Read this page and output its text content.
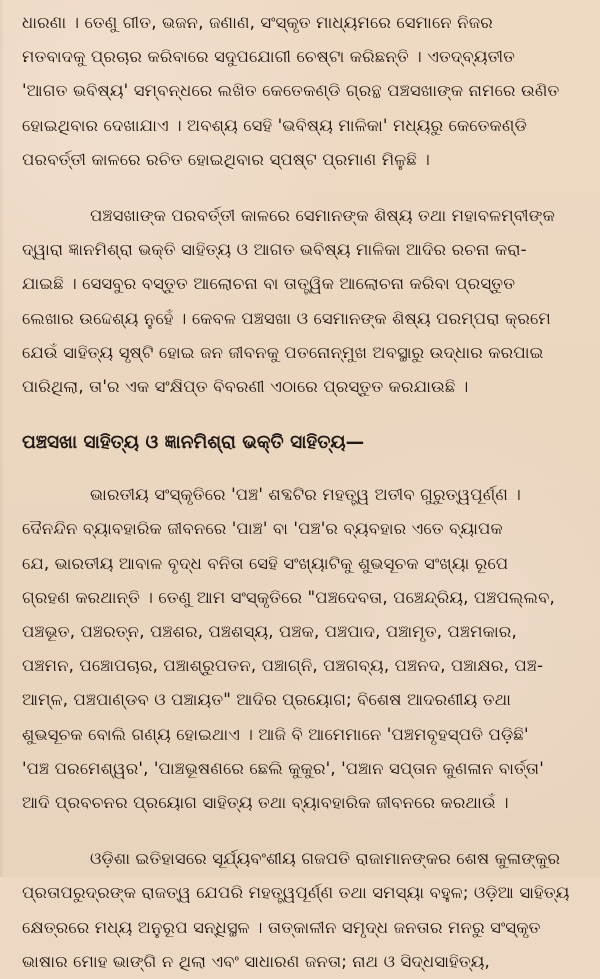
ଧାରଣା । ତେଣୁ ଗୀତ, ଭଜନ, ଜଣାଣ, ସଂସ୍କୃତ ମାଧ୍ୟମରେ ସେମାନେ ନିଜର
ମତବାଦକୁ ପ୍ରଚାର କରିବାରେ ସଦୁପଯୋଗୀ ଚେଷ୍ଟା କରିଛନ୍ତି । ଏତଦ୍‌ବ୍ୟତୀତ
'ଆଗତ ଭବିଷ୍ୟ' ସମ୍ବନ୍ଧରେ ଲଖିତ କେତେକଣ୍ଡି ଗ୍ରନ୍ଥ ପଞ୍ଚସଖାଙ୍କ ନାମରେ ଉଣିତ
ହୋଇଥିବାର ଦେଖାଯାଏ । ଅବଶ୍ୟ ସେହି 'ଭବିଷ୍ୟ ମାଳିକା' ମଧ୍ୟରୁ କେତେକଣ୍ଡି
ପରବର୍ତ୍ତୀ କାଳରେ ରଚିତ ହୋଇଥିବାର ସ୍ପଷ୍ଟ ପ୍ରମାଣ ମିଳୁଛି ।
ପଞ୍ଚସଖାଙ୍କ ପରବର୍ତ୍ତୀ କାଳରେ ସେମାନଙ୍କ ଶିଷ୍ୟ ତଥା ମହାବଳମ୍ବୀଙ୍କ
ଦ୍ୱାରା ଜ୍ଞାନମିଶ୍ରା ଭକ୍ତି ସାହିତ୍ୟ ଓ ଆଗତ ଭବିଷ୍ୟ ମାଳିକା ଆଦିର ରଚନା କରା-
ଯାଇଛି । ସେସବୁର ବସ୍ତୁତ ଆଲୋଚନା ବା ତାତ୍ତ୍ୱିକ ଆଲୋଚନା କରିବା ପ୍ରସ୍ତୁତ
ଲେଖାର ଉଦ୍ଦେଶ୍ୟ ନୁହେଁ । କେବଳ ପଞ୍ଚସଖା ଓ ସେମାନଙ୍କ ଶିଷ୍ୟ ପରମ୍ପରା କ୍ରମେ
ଯେଉଁ ସାହିତ୍ୟ ସୃଷ୍ଟି ହୋଇ ଜନ ଜୀବନକୁ ପତନୋନ୍ମୁଖ ଅବସ୍ଥାରୁ ଉଦ୍ଧାର କରପାଇ
ପାରିଥିଲା, ତା'ର ଏକ ସଂକ୍ଷିପ୍ତ ବିବରଣୀ ଏଠାରେ ପ୍ରସ୍ତୁତ କରଯାଉଛି ।
ପଞ୍ଚସଖା ସାହିତ୍ୟ ଓ ଜ୍ଞାନମିଶ୍ରା ଭକ୍ତି ସାହିତ୍ୟ—
ଭାରତୀୟ ସଂସ୍କୃତିରେ 'ପଞ୍ଚ' ଶବ୍ଦଟିର ମହତ୍ତ୍ୱ ଅତୀବ ଗୁରୁତ୍ୱପୂର୍ଣ୍ଣ ।
ଦୈନନ୍ଦିନ ବ୍ୟାବହାରିକ ଜୀବନରେ 'ପାଞ୍ଚ' ବା 'ପଞ୍ଚ'ର ବ୍ୟବହାର ଏତେ ବ୍ୟାପକ
ଯେ, ଭାରତୀୟ ଆବାଳ ବୃଦ୍ଧ ବନିତା ସେହି ସଂଖ୍ୟାଟିକୁ ଶୁଭସୂଚକ ସଂଖ୍ୟା ରୂପେ
ଗ୍ରହଣ କରଥାନ୍ତି । ତେଣୁ ଆମ ସଂସ୍କୃତିରେ "ପଞ୍ଚଦେବତା, ପଞ୍ଚେନ୍ଦ୍ରିୟ, ପଞ୍ଚପଲ୍ଲବ,
ପଞ୍ଚଭୂତ, ପଞ୍ଚରତ୍ନ, ପଞ୍ଚଶର, ପଞ୍ଚଶସ୍ୟ, ପଞ୍ଚକ, ପଞ୍ଚପାଦ, ପଞ୍ଚାମୃତ, ପଞ୍ଚମକାର,
ପଞ୍ଚମନ, ପଞ୍ଚୋପଚାର, ପଞ୍ଚାଶ୍ରୁପତନ, ପଞ୍ଚାଗ୍ନି, ପଞ୍ଚଗବ୍ୟ, ପଞ୍ଚନଦ, ପଞ୍ଚାକ୍ଷର, ପଞ୍ଚ-
ଆମ୍ଳ, ପଞ୍ଚପାଣ୍ଡବ ଓ ପଞ୍ଚାୟତ" ଆଦିର ପ୍ରୟୋଗ; ବିଶେଷ ଆଦରଣୀୟ ତଥା
ଶୁଭସୂଚକ ବୋଲି ଗଣ୍ୟ ହୋଇଥାଏ । ଆଜି ବି ଆମେମାନେ 'ପଞ୍ଚମବୃହସ୍ପତି ପଡ଼ିଛି'
'ପଞ୍ଚ ପରମେଶ୍ୱର', 'ପାଞ୍ଚଭୂଷଣରେ ଛେଲି କୁକୁର', 'ପଞ୍ଚାନ ସପ୍ତାନ କୁଣଳାନ ବାର୍ତ୍ତା'
ଆଦି ପ୍ରବଚନର ପ୍ରୟୋଗ ସାହିତ୍ୟ ତଥା ବ୍ୟାବହାରିକ ଜୀବନରେ କରଥାଉଁ ।
ଓଡ଼ିଶା ଇତିହାସରେ ସୂର୍ଯ୍ୟବଂଶୀୟ ଗଜପତି ରାଜାମାନଙ୍କର ଶେଷ କୁଳାଙ୍କୁର
ପ୍ରତାପରୁଦ୍ରଙ୍କ ରାଜତ୍ୱ ଯେପରି ମହତ୍ତ୍ୱପୂର୍ଣ୍ଣ ତଥା ସମସ୍ୟା ବହୁଳ; ଓଡ଼ିଆ ସାହିତ୍ୟ
କ୍ଷେତ୍ରରେ ମଧ୍ୟ ଅନୁରୂପ ସନ୍ଧିସ୍ଥଳ । ତାତ୍କାଳୀନ ସମୃଦ୍ଧ ଜନତାର ମନରୁ ସଂସ୍କୃତ
ଭାଷାର ମୋହ ଭାଙ୍ଗି ନ ଥିଲା ଏବଂ ସାଧାରଣ ଜନତା; ନାଥ ଓ ସିଦ୍ଧସାହିତ୍ୟ,
